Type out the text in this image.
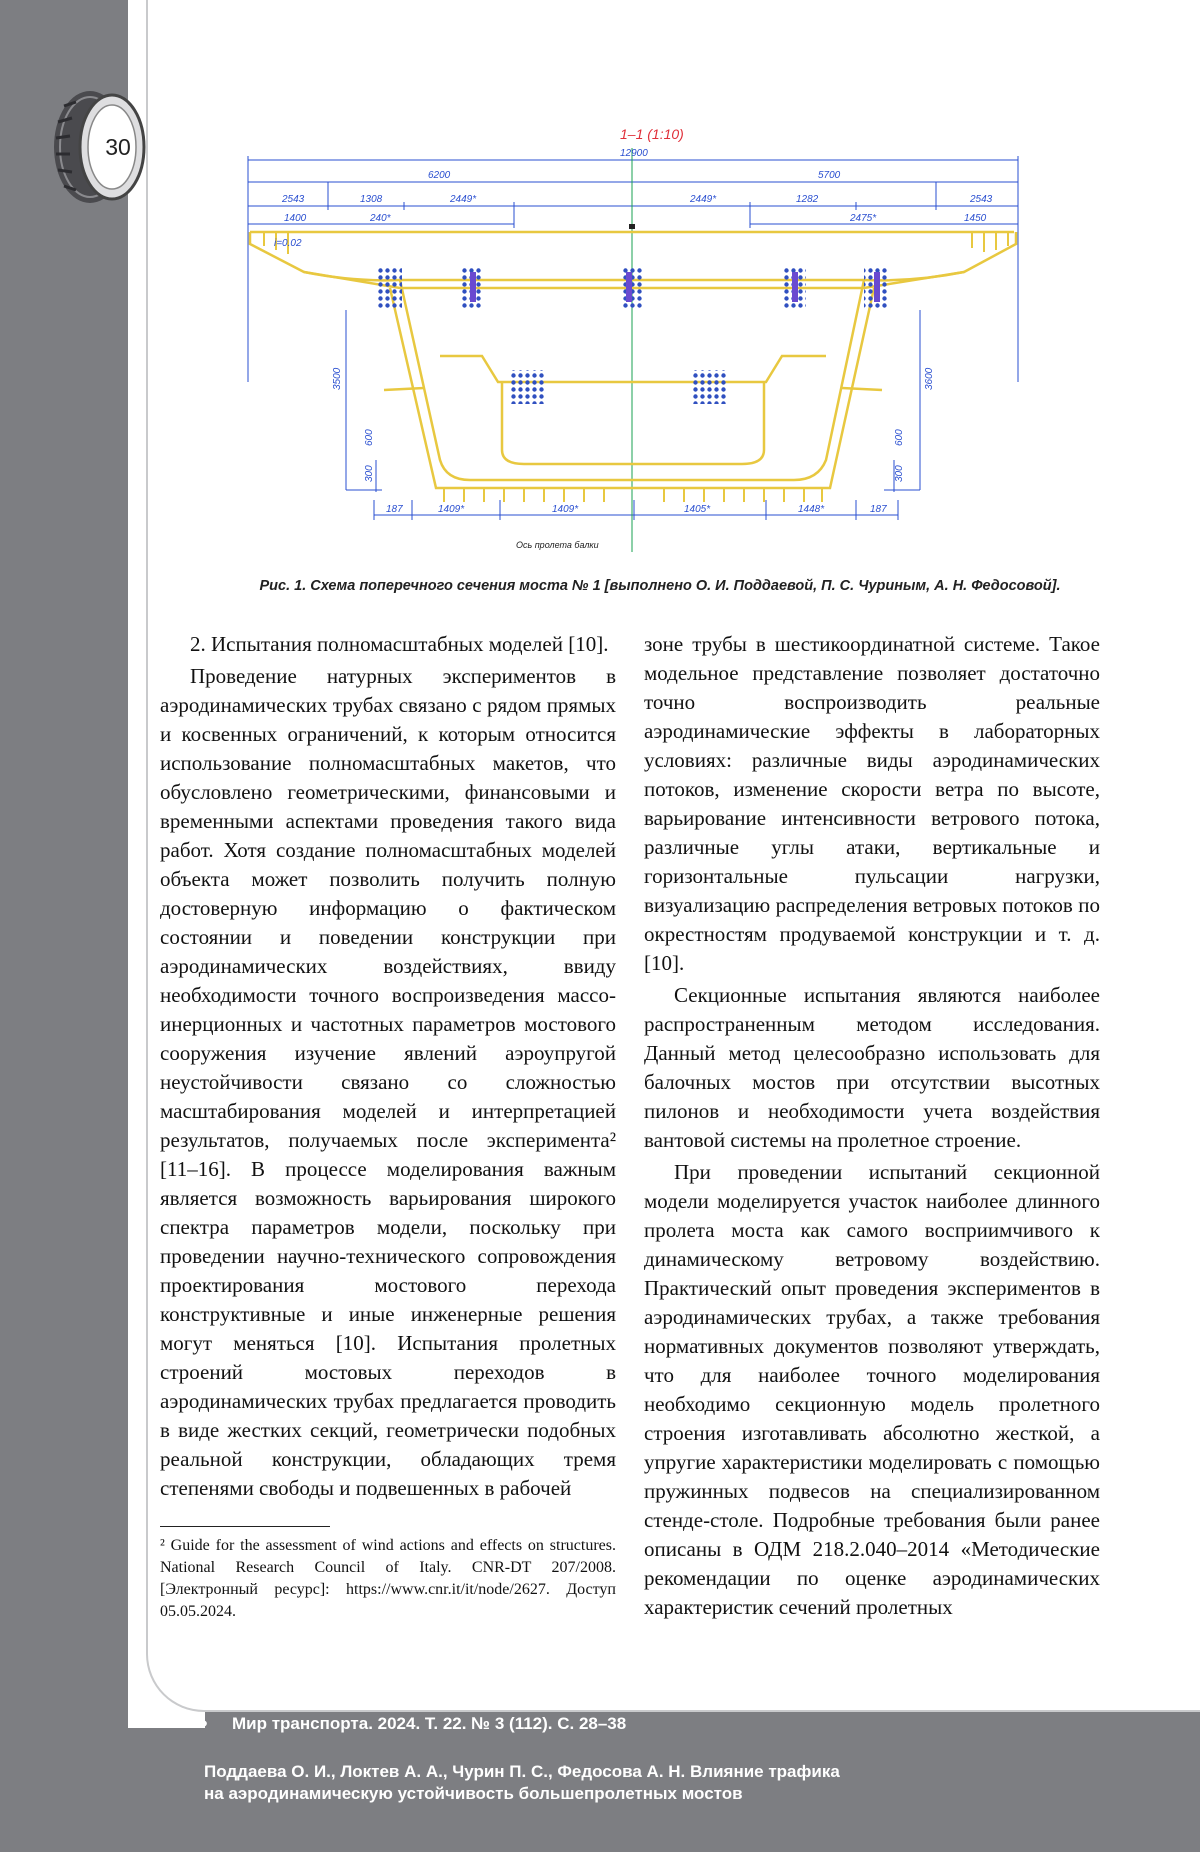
30	1–1 (1:10)
12900
6200	5700
2543	1308	2449*	2449*	1282	2543
1400	240*	2475*	1450
i=0.02
3500	3600
187	1409*	1409*	1405*	1448*	187
600	600
300	300
Ось пролета балки
Рис. 1. Схема поперечного сечения моста № 1 [выполнено О. И. Поддаевой, П. С. Чуриным, А. Н. Федосовой].

2. Испытания полномасштабных моделей [10].

Проведение натурных экспериментов в аэродинамических трубах связано с рядом прямых и косвенных ограничений, к которым относится использование полномасштабных макетов, что обусловлено геометрическими, финансовыми и временными аспектами проведения такого вида работ. Хотя создание полномасштабных моделей объекта может позволить получить полную достоверную информацию о фактическом состоянии и поведении конструкции при аэродинамических воздействиях, ввиду необходимости точного воспроизведения массо-инерционных и частотных параметров мостового сооружения изучение явлений аэроупругой неустойчивости связано со сложностью масштабирования моделей и интерпретацией результатов, получаемых после эксперимента² [11–16]. В процессе моделирования важным является возможность варьирования широкого спектра параметров модели, поскольку при проведении научно-технического сопровождения проектирования мостового перехода конструктивные и иные инженерные решения могут меняться [10]. Испытания пролетных строений мостовых переходов в аэродинамических трубах предлагается проводить в виде жестких секций, геометрически подобных реальной конструкции, обладающих тремя степенями свободы и подвешенных в рабочей

зоне трубы в шестикоординатной системе. Такое модельное представление позволяет достаточно точно воспроизводить реальные аэродинамические эффекты в лабораторных условиях: различные виды аэродинамических потоков, изменение скорости ветра по высоте, варьирование интенсивности ветрового потока, различные углы атаки, вертикальные и горизонтальные пульсации нагрузки, визуализацию распределения ветровых потоков по окрестностям продуваемой конструкции и т. д. [10].

Секционные испытания являются наиболее распространенным методом исследования. Данный метод целесообразно использовать для балочных мостов при отсутствии высотных пилонов и необходимости учета воздействия вантовой системы на пролетное строение.

При проведении испытаний секционной модели моделируется участок наиболее длинного пролета моста как самого восприимчивого к динамическому ветровому воздействию. Практический опыт проведения экспериментов в аэродинамических трубах, а также требования нормативных документов позволяют утверждать, что для наиболее точного моделирования необходимо секционную модель пролетного строения изготавливать абсолютно жесткой, а упругие характеристики моделировать с помощью пружинных подвесов на специализированном стенде-столе. Подробные требования были ранее описаны в ОДМ 218.2.040–2014 «Методические рекомендации по оценке аэродинамических характеристик сечений пролетных

² Guide for the assessment of wind actions and effects on structures. National Research Council of Italy. CNR-DT 207/2008. [Электронный ресурс]: https://www.cnr.it/it/node/2627. Доступ 05.05.2024.
• Мир транспорта. 2024. Т. 22. № 3 (112). С. 28–38
Поддаева О. И., Локтев А. А., Чурин П. С., Федосова А. Н. Влияние трафика
на аэродинамическую устойчивость большепролетных мостов
